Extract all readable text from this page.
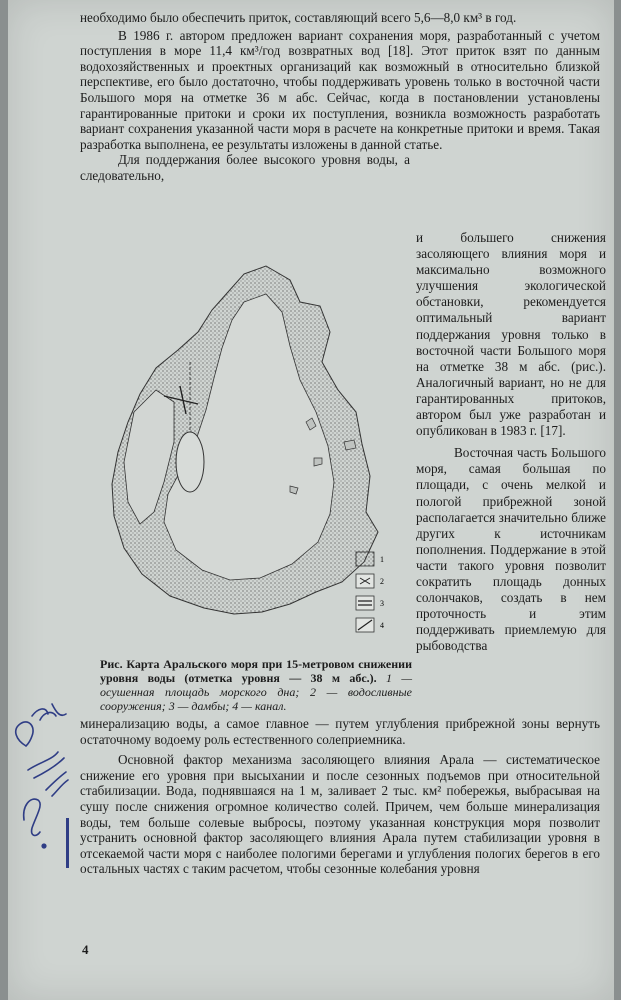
необходимо было обеспечить приток, составляющий всего 5,6—8,0 км³ в год.

В 1986 г. автором предложен вариант сохранения моря, разработанный с учетом поступления в море 11,4 км³/год возвратных вод [18]. Этот приток взят по данным водохозяйственных и проектных организаций как возможный в относительно близкой перспективе, его было достаточно, чтобы поддерживать уровень только в восточной части Большого моря на отметке 36 м абс. Сейчас, когда в постановлении установлены гарантированные притоки и сроки их поступления, возникла возможность разработать вариант сохранения указанной части моря в расчете на конкретные притоки и время. Такая разработка выполнена, ее результаты изложены в данной статье.

Для поддержания более высокого уровня воды, а следовательно,

и большего снижения засоляющего влияния моря и максимально возможного улучшения экологической обстановки, рекомендуется оптимальный вариант поддержания уровня только в восточной части Большого моря на отметке 38 м абс. (рис.). Аналогичный вариант, но не для гарантированных притоков, автором был уже разработан и опубликован в 1983 г. [17].

Восточная часть Большого моря, самая большая по площади, с очень мелкой и пологой прибрежной зоной располагается значительно ближе других к источникам пополнения. Поддержание в этой части такого уровня позволит сократить площадь донных солончаков, создать в нем проточность и этим поддерживать приемлемую для рыбоводства

1
2
3
4
Рис. Карта Аральского моря при 15-метровом снижении уровня воды (отметка уровня — 38 м абс.). 1 — осушенная площадь морского дна; 2 — водосливные сооружения; 3 — дамбы; 4 — канал.

минерализацию воды, а самое главное — путем углубления прибрежной зоны вернуть остаточному водоему роль естественного солеприемника.

Основной фактор механизма засоляющего влияния Арала — систематическое снижение его уровня при высыхании и после сезонных подъемов при относительной стабилизации. Вода, поднявшаяся на 1 м, заливает 2 тыс. км² побережья, выбрасывая на сушу после снижения огромное количество солей. Причем, чем больше минерализация воды, тем больше солевые выбросы, поэтому указанная конструкция моря позволит устранить основной фактор засоляющего влияния Арала путем стабилизации уровня в отсекаемой части моря с наиболее пологими берегами и углубления пологих берегов в его остальных частях с таким расчетом, чтобы сезонные колебания уровня

4
